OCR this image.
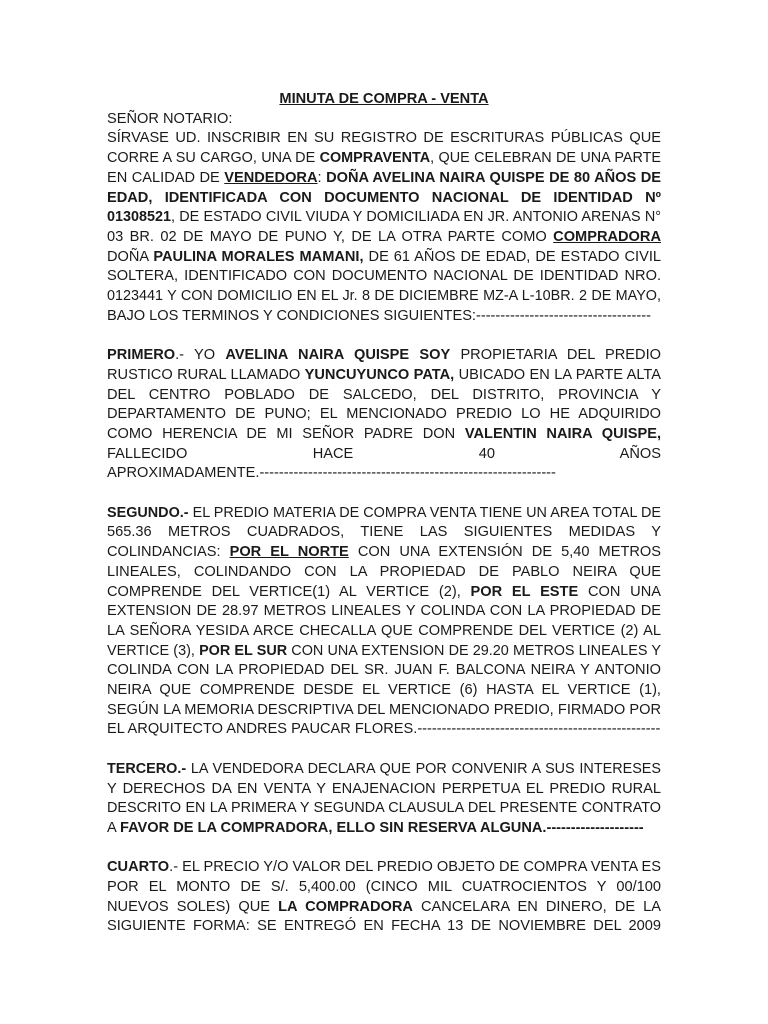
MINUTA DE COMPRA - VENTA
SEÑOR NOTARIO:
SÍRVASE UD. INSCRIBIR EN SU REGISTRO DE ESCRITURAS PÚBLICAS QUE
CORRE A SU CARGO, UNA DE COMPRAVENTA, QUE CELEBRAN DE UNA PARTE
EN CALIDAD DE VENDEDORA: DOÑA AVELINA NAIRA QUISPE DE 80 AÑOS DE
EDAD, IDENTIFICADA CON DOCUMENTO NACIONAL DE IDENTIDAD Nº
01308521, DE ESTADO CIVIL VIUDA Y DOMICILIADA EN JR. ANTONIO ARENAS N°
03 BR. 02 DE MAYO DE PUNO Y, DE LA OTRA PARTE COMO COMPRADORA
DOÑA PAULINA MORALES MAMANI, DE 61 AÑOS DE EDAD, DE ESTADO CIVIL
SOLTERA, IDENTIFICADO CON DOCUMENTO NACIONAL DE IDENTIDAD NRO.
0123441 Y CON DOMICILIO EN EL Jr. 8 DE DICIEMBRE MZ-A L-10BR. 2 DE MAYO,
BAJO LOS TERMINOS Y CONDICIONES SIGUIENTES:------------------------------------
PRIMERO.- YO AVELINA NAIRA QUISPE SOY PROPIETARIA DEL PREDIO
RUSTICO RURAL LLAMADO YUNCUYUNCO PATA, UBICADO EN LA PARTE ALTA
DEL CENTRO POBLADO DE SALCEDO, DEL DISTRITO, PROVINCIA Y
DEPARTAMENTO DE PUNO; EL MENCIONADO PREDIO LO HE ADQUIRIDO
COMO HERENCIA DE MI SEÑOR PADRE DON VALENTIN NAIRA QUISPE,
FALLECIDO HACE 40 AÑOS
APROXIMADAMENTE.-------------------------------------------------------------
SEGUNDO.- EL PREDIO MATERIA DE COMPRA VENTA TIENE UN AREA TOTAL DE
565.36 METROS CUADRADOS, TIENE LAS SIGUIENTES MEDIDAS Y
COLINDANCIAS: POR EL NORTE CON UNA EXTENSIÓN DE 5,40 METROS
LINEALES, COLINDANDO CON LA PROPIEDAD DE PABLO NEIRA QUE
COMPRENDE DEL VERTICE(1) AL VERTICE (2), POR EL ESTE CON UNA
EXTENSION DE 28.97 METROS LINEALES Y COLINDA CON LA PROPIEDAD DE
LA SEÑORA YESIDA ARCE CHECALLA QUE COMPRENDE DEL VERTICE (2) AL
VERTICE (3), POR EL SUR CON UNA EXTENSION DE 29.20 METROS LINEALES Y
COLINDA CON LA PROPIEDAD DEL SR. JUAN F. BALCONA NEIRA Y ANTONIO
NEIRA QUE COMPRENDE DESDE EL VERTICE (6) HASTA EL VERTICE (1),
SEGÚN LA MEMORIA DESCRIPTIVA DEL MENCIONADO PREDIO, FIRMADO POR
EL ARQUITECTO ANDRES PAUCAR FLORES.--------------------------------------------------
TERCERO.- LA VENDEDORA DECLARA QUE POR CONVENIR A SUS INTERESES
Y DERECHOS DA EN VENTA Y ENAJENACION PERPETUA EL PREDIO RURAL
DESCRITO EN LA PRIMERA Y SEGUNDA CLAUSULA DEL PRESENTE CONTRATO
A FAVOR DE LA COMPRADORA, ELLO SIN RESERVA ALGUNA.--------------------
CUARTO.- EL PRECIO Y/O VALOR DEL PREDIO OBJETO DE COMPRA VENTA ES
POR EL MONTO DE S/. 5,400.00 (CINCO MIL CUATROCIENTOS Y 00/100
NUEVOS SOLES) QUE LA COMPRADORA CANCELARA EN DINERO, DE LA
SIGUIENTE FORMA: SE ENTREGÓ EN FECHA 13 DE NOVIEMBRE DEL 2009
